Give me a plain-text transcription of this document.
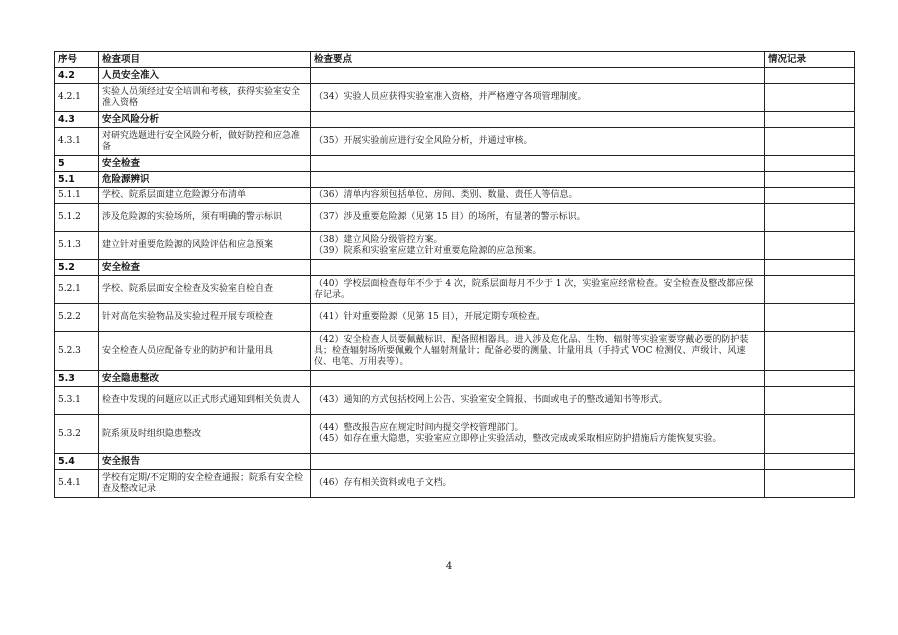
序号	检查项目	检查要点	情况记录
4.2	人员安全准入		
4.2.1	实验人员须经过安全培训和考核，获得实验室安全准入资格	（34）实验人员应获得实验室准入资格，并严格遵守各项管理制度。	

4.3	安全风险分析		
4.3.1	对研究选题进行安全风险分析，做好防控和应急准备	（35）开展实验前应进行安全风险分析，并通过审核。	

5	安全检查		
5.1	危险源辨识		
5.1.1	学校、院系层面建立危险源分布清单	（36）清单内容须包括单位、房间、类别、数量、责任人等信息。	

5.1.2	涉及危险源的实验场所，须有明确的警示标识	（37）涉及重要危险源（见第 15 目）的场所，有显著的警示标识。	

5.1.3	建立针对重要危险源的风险评估和应急预案	（38）建立风险分级管控方案。
（39）院系和实验室应建立针对重要危险源的应急预案。	

5.2	安全检查		
5.2.1	学校、院系层面安全检查及实验室自检自查	（40）学校层面检查每年不少于 4 次，院系层面每月不少于 1 次，实验室应经常检查。安全检查及整改都应保存记录。	

5.2.2	针对高危实验物品及实验过程开展专项检查	（41）针对重要险源（见第 15 目），开展定期专项检查。	

5.2.3	安全检查人员应配备专业的防护和计量用具	（42）安全检查人员要佩戴标识、配备照相器具。进入涉及危化品、生物、辐射等实验室要穿戴必要的防护装具；检查辐射场所要佩戴个人辐射剂量计；配备必要的测量、计量用具（手持式 VOC 检测仪、声级计、风速仪、电笔、万用表等）。	

5.3	安全隐患整改		
5.3.1	检查中发现的问题应以正式形式通知到相关负责人	（43）通知的方式包括校网上公告、实验室安全简报、书面或电子的整改通知书等形式。	

5.3.2	院系须及时组织隐患整改	（44）整改报告应在规定时间内提交学校管理部门。
（45）如存在重大隐患，实验室应立即停止实验活动，整改完成或采取相应防护措施后方能恢复实验。	

5.4	安全报告		
5.4.1	学校有定期/不定期的安全检查通报；院系有安全检查及整改记录	（46）存有相关资料或电子文档。	

4
